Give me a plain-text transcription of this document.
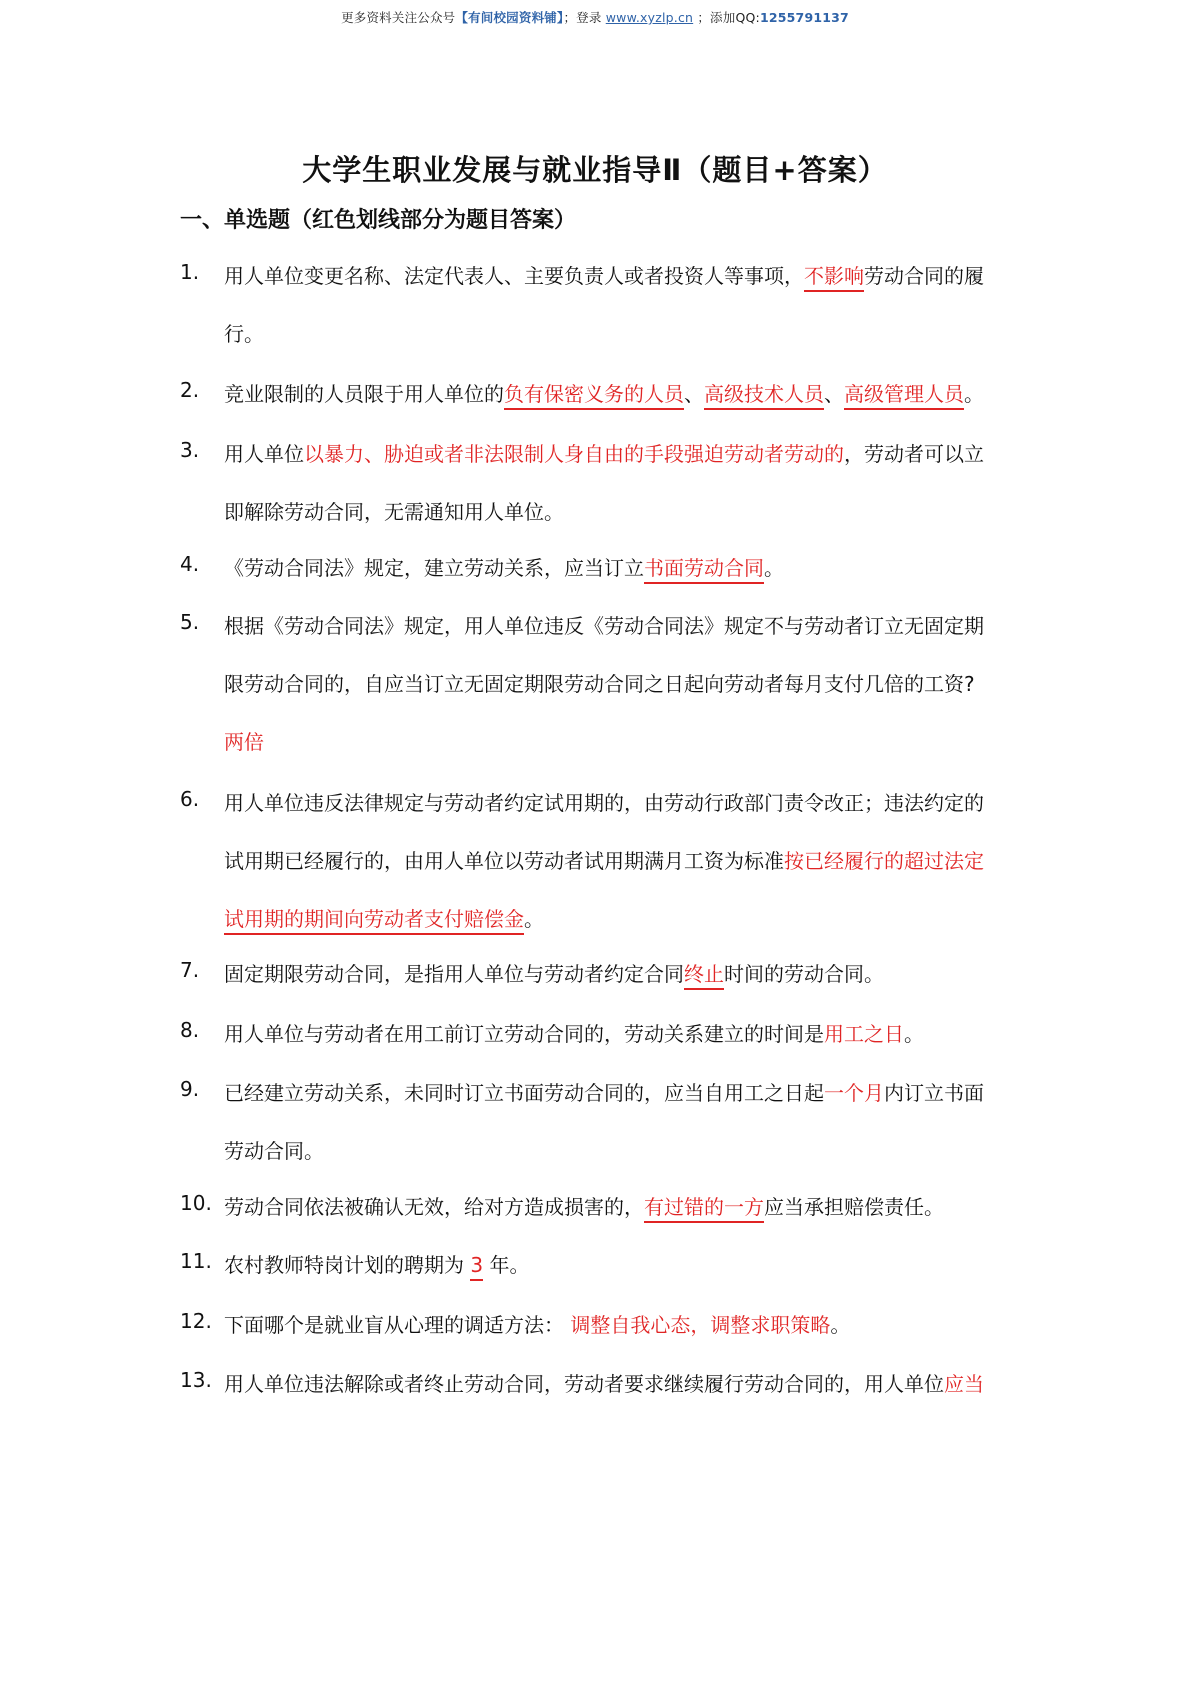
更多资料关注公众号【有间校园资料铺】；登录 www.xyzlp.cn ；添加QQ:1255791137
大学生职业发展与就业指导Ⅱ（题目+答案）
一、单选题（红色划线部分为题目答案）
1.	用人单位变更名称、法定代表人、主要负责人或者投资人等事项，不影响劳动合同的履
行。
2.	竞业限制的人员限于用人单位的负有保密义务的人员、高级技术人员、高级管理人员。
3.	用人单位以暴力、胁迫或者非法限制人身自由的手段强迫劳动者劳动的，劳动者可以立
即解除劳动合同，无需通知用人单位。
4.	《劳动合同法》规定，建立劳动关系，应当订立书面劳动合同。
5.	根据《劳动合同法》规定，用人单位违反《劳动合同法》规定不与劳动者订立无固定期
限劳动合同的，自应当订立无固定期限劳动合同之日起向劳动者每月支付几倍的工资?
两倍
6.	用人单位违反法律规定与劳动者约定试用期的，由劳动行政部门责令改正；违法约定的
试用期已经履行的，由用人单位以劳动者试用期满月工资为标准按已经履行的超过法定
试用期的期间向劳动者支付赔偿金。
7.	固定期限劳动合同，是指用人单位与劳动者约定合同终止时间的劳动合同。
8.	用人单位与劳动者在用工前订立劳动合同的，劳动关系建立的时间是用工之日。
9.	已经建立劳动关系，未同时订立书面劳动合同的，应当自用工之日起一个月内订立书面
劳动合同。
10. 劳动合同依法被确认无效，给对方造成损害的，有过错的一方应当承担赔偿责任。
11. 农村教师特岗计划的聘期为 3 年。
12. 下面哪个是就业盲从心理的调适方法： 调整自我心态，调整求职策略。
13. 用人单位违法解除或者终止劳动合同，劳动者要求继续履行劳动合同的，用人单位应当
